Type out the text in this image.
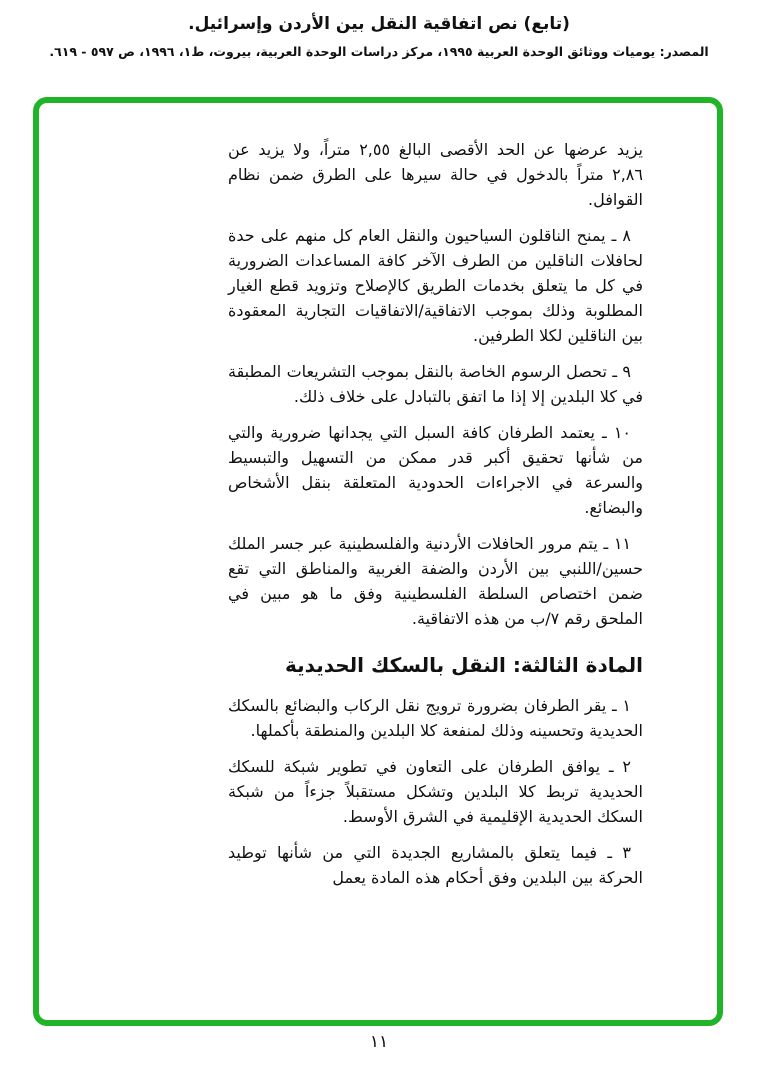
(تابع) نص اتفاقية النقل بين الأردن وإسرائيل.
المصدر: يوميات ووثائق الوحدة العربية ١٩٩٥، مركز دراسات الوحدة العربية، بيروت، ط١، ١٩٩٦، ص ٥٩٧ - ٦١٩.
يزيد عرضها عن الحد الأقصى البالغ ٢,٥٥ متراً، ولا يزيد عن ٢,٨٦ متراً بالدخول في حالة سيرها على الطرق ضمن نظام القوافل.
٨ ـ يمنح الناقلون السياحيون والنقل العام كل منهم على حدة لحافلات الناقلين من الطرف الآخر كافة المساعدات الضرورية في كل ما يتعلق بخدمات الطريق كالإصلاح وتزويد قطع الغيار المطلوبة وذلك بموجب الاتفاقية/الاتفاقيات التجارية المعقودة بين الناقلين لكلا الطرفين.
٩ ـ تحصل الرسوم الخاصة بالنقل بموجب التشريعات المطبقة في كلا البلدين إلا إذا ما اتفق بالتبادل على خلاف ذلك.
١٠ ـ يعتمد الطرفان كافة السبل التي يجدانها ضرورية والتي من شأنها تحقيق أكبر قدر ممكن من التسهيل والتبسيط والسرعة في الاجراءات الحدودية المتعلقة بنقل الأشخاص والبضائع.
١١ ـ يتم مرور الحافلات الأردنية والفلسطينية عبر جسر الملك حسين/اللنبي بين الأردن والضفة الغربية والمناطق التي تقع ضمن اختصاص السلطة الفلسطينية وفق ما هو مبين في الملحق رقم ٧/ب من هذه الاتفاقية.
المادة الثالثة: النقل بالسكك الحديدية
١ ـ يقر الطرفان بضرورة ترويج نقل الركاب والبضائع بالسكك الحديدية وتحسينه وذلك لمنفعة كلا البلدين والمنطقة بأكملها.
٢ ـ يوافق الطرفان على التعاون في تطوير شبكة للسكك الحديدية تربط كلا البلدين وتشكل مستقبلاً جزءاً من شبكة السكك الحديدية الإقليمية في الشرق الأوسط.
٣ ـ فيما يتعلق بالمشاريع الجديدة التي من شأنها توطيد الحركة بين البلدين وفق أحكام هذه المادة يعمل
١١
